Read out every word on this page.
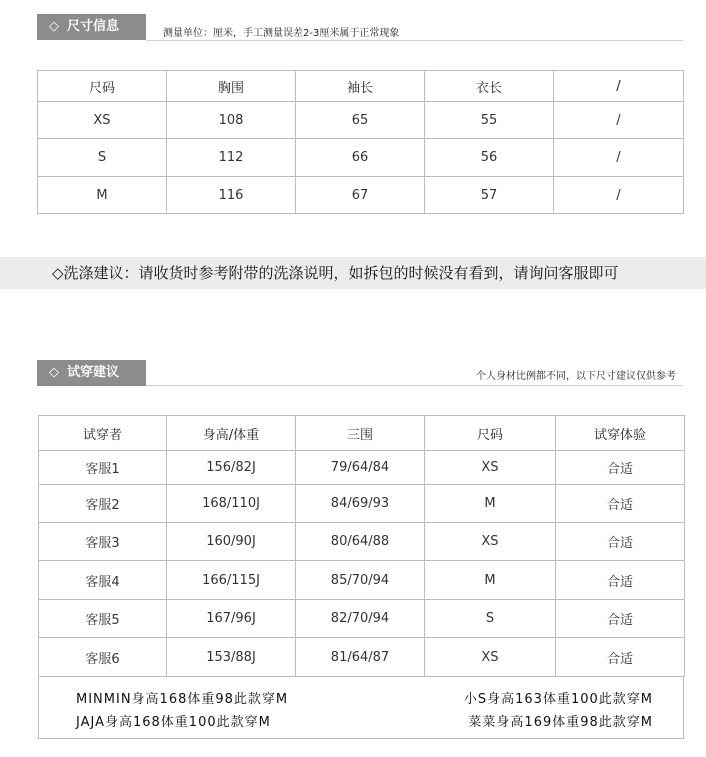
◇ 尺寸信息	测量单位：厘米，手工测量误差2-3厘米属于正常现象
尺码	胸围	袖长	衣长	/
XS	108	65	55	/
S	112	66	56	/
M	116	67	57	/
◇洗涤建议：请收货时参考附带的洗涤说明，如拆包的时候没有看到，请询问客服即可
◇ 试穿建议	个人身材比例都不同，以下尺寸建议仅供参考
试穿者	身高/体重	三围	尺码	试穿体验
客服1	156/82J	79/64/84	XS	合适
客服2	168/110J	84/69/93	M	合适
客服3	160/90J	80/64/88	XS	合适
客服4	166/115J	85/70/94	M	合适
客服5	167/96J	82/70/94	S	合适
客服6	153/88J	81/64/87	XS	合适
MINMIN身高168体重98此款穿M
JAJA身高168体重100此款穿M
小S身高163体重100此款穿M
菜菜身高169体重98此款穿M
